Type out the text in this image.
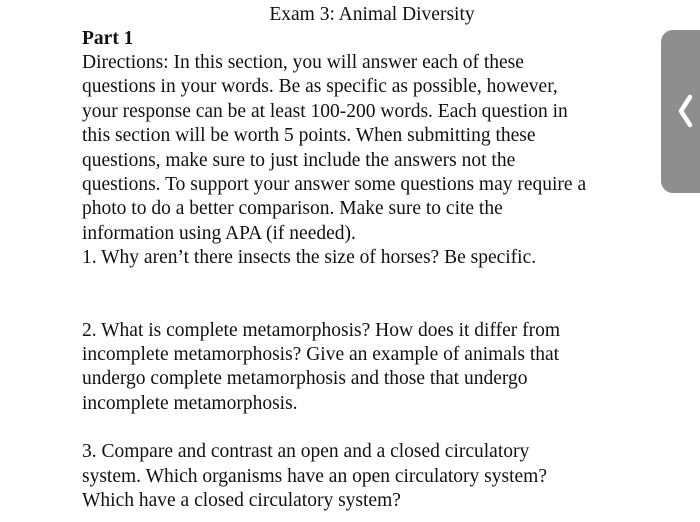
Exam 3: Animal Diversity
Part 1
Directions: In this section, you will answer each of these
questions in your words. Be as specific as possible, however,
your response can be at least 100-200 words. Each question in
this section will be worth 5 points. When submitting these
questions, make sure to just include the answers not the
questions. To support your answer some questions may require a
photo to do a better comparison. Make sure to cite the
information using APA (if needed).
1. Why aren’t there insects the size of horses? Be specific.
2. What is complete metamorphosis? How does it differ from
incomplete metamorphosis? Give an example of animals that
undergo complete metamorphosis and those that undergo
incomplete metamorphosis.
3. Compare and contrast an open and a closed circulatory
system. Which organisms have an open circulatory system?
Which have a closed circulatory system?
